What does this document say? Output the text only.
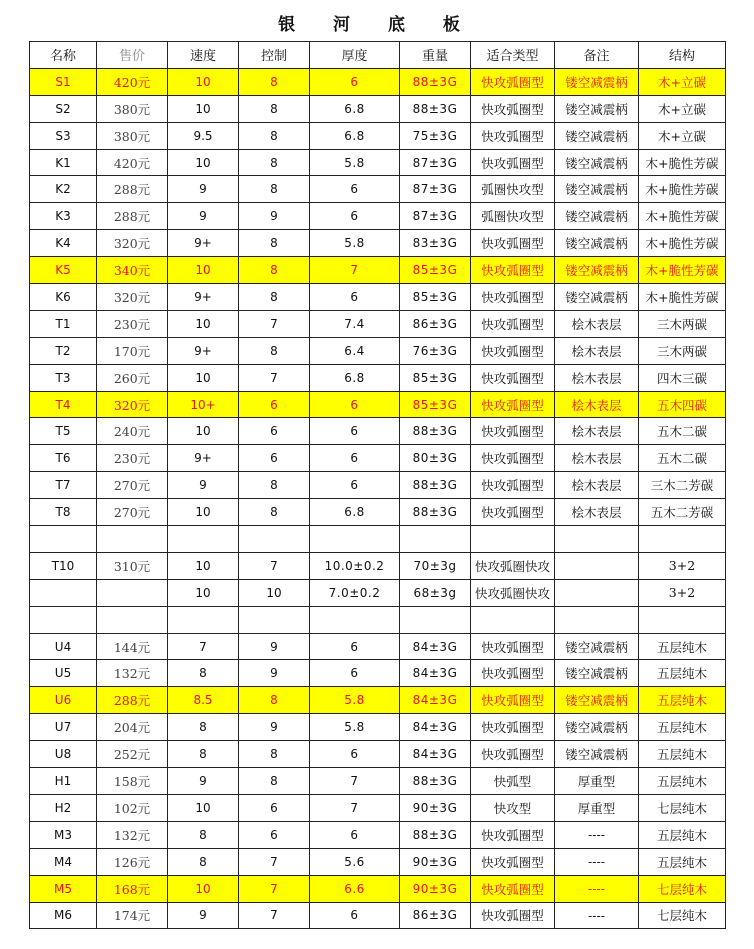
银 河 底 板
名称	售价	速度	控制	厚度	重量	适合类型	备注	结构
S1	420元	10	8	6	88±3G	快攻弧圈型	镂空减震柄	木+立碳
S2	380元	10	8	6.8	88±3G	快攻弧圈型	镂空减震柄	木+立碳
S3	380元	9.5	8	6.8	75±3G	快攻弧圈型	镂空减震柄	木+立碳
K1	420元	10	8	5.8	87±3G	快攻弧圈型	镂空减震柄	木+脆性芳碳
K2	288元	9	8	6	87±3G	弧圈快攻型	镂空减震柄	木+脆性芳碳
K3	288元	9	9	6	87±3G	弧圈快攻型	镂空减震柄	木+脆性芳碳
K4	320元	9+	8	5.8	83±3G	快攻弧圈型	镂空减震柄	木+脆性芳碳
K5	340元	10	8	7	85±3G	快攻弧圈型	镂空减震柄	木+脆性芳碳
K6	320元	9+	8	6	85±3G	快攻弧圈型	镂空减震柄	木+脆性芳碳
T1	230元	10	7	7.4	86±3G	快攻弧圈型	桧木表层	三木两碳
T2	170元	9+	8	6.4	76±3G	快攻弧圈型	桧木表层	三木两碳
T3	260元	10	7	6.8	85±3G	快攻弧圈型	桧木表层	四木三碳
T4	320元	10+	6	6	85±3G	快攻弧圈型	桧木表层	五木四碳
T5	240元	10	6	6	88±3G	快攻弧圈型	桧木表层	五木二碳
T6	230元	9+	6	6	80±3G	快攻弧圈型	桧木表层	五木二碳
T7	270元	9	8	6	88±3G	快攻弧圈型	桧木表层	三木二芳碳
T8	270元	10	8	6.8	88±3G	快攻弧圈型	桧木表层	五木二芳碳

T10	310元	10	7	10.0±0.2	70±3g	快攻弧圈快攻		3+2
		10	10	7.0±0.2	68±3g	快攻弧圈快攻		3+2

U4	144元	7	9	6	84±3G	快攻弧圈型	镂空减震柄	五层纯木
U5	132元	8	9	6	84±3G	快攻弧圈型	镂空减震柄	五层纯木
U6	288元	8.5	8	5.8	84±3G	快攻弧圈型	镂空减震柄	五层纯木
U7	204元	8	9	5.8	84±3G	快攻弧圈型	镂空减震柄	五层纯木
U8	252元	8	8	6	84±3G	快攻弧圈型	镂空减震柄	五层纯木
H1	158元	9	8	7	88±3G	快弧型	厚重型	五层纯木
H2	102元	10	6	7	90±3G	快攻型	厚重型	七层纯木
M3	132元	8	6	6	88±3G	快攻弧圈型	----	五层纯木
M4	126元	8	7	5.6	90±3G	快攻弧圈型	----	五层纯木
M5	168元	10	7	6.6	90±3G	快攻弧圈型	----	七层纯木
M6	174元	9	7	6	86±3G	快攻弧圈型	----	七层纯木
